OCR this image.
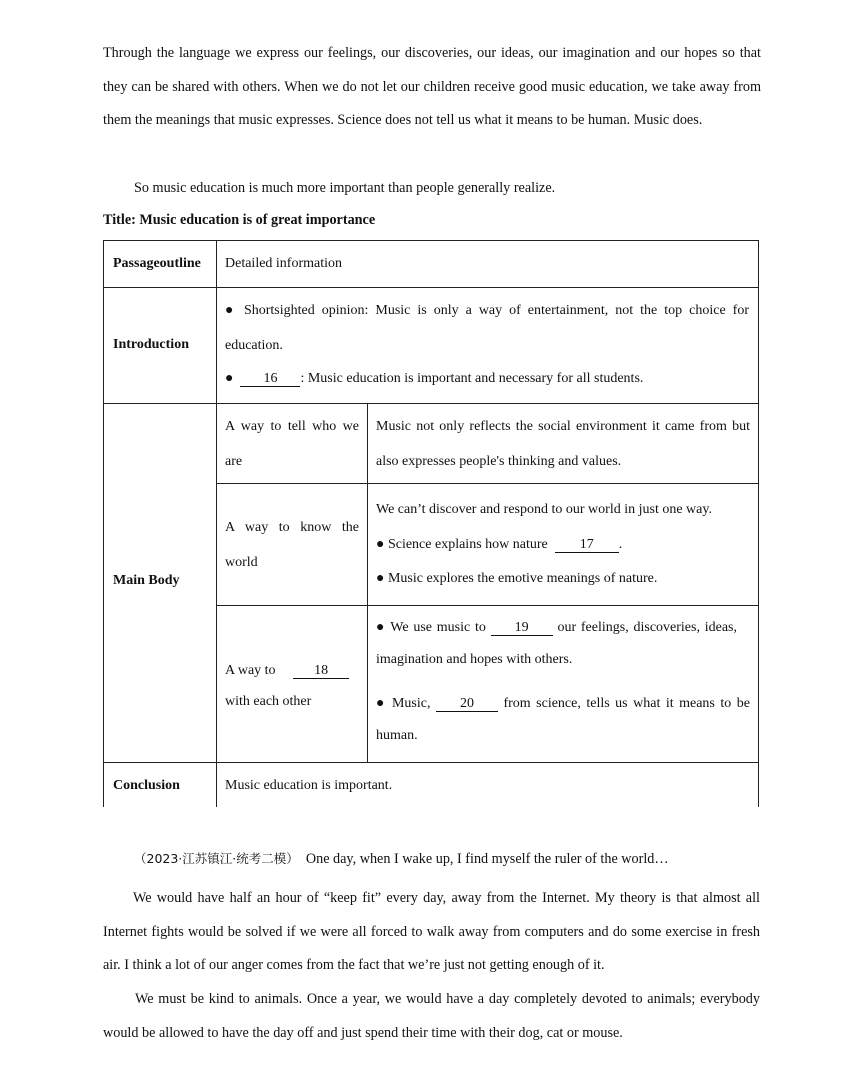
Through the language we express our feelings, our discoveries, our ideas, our imagination and our hopes so that they can be shared with others. When we do not let our children receive good music education, we take away from them the meanings that music expresses. Science does not tell us what it means to be human. Music does.

So music education is much more important than people generally realize.

Title: Music education is of great importance
Passageoutline Detailed information
Introduction
● Shortsighted opinion: Music is only a way of entertainment, not the top choice for education.
● 16 : Music education is important and necessary for all students.
Main Body
A way to tell who we are
Music not only reflects the social environment it came from but also expresses people's thinking and values.
A way to know the world
We can’t discover and respond to our world in just one way.
● Science explains how nature 17 .
● Music explores the emotive meanings of nature.
A way to	18
with each other
● We use music to 19 our feelings, discoveries, ideas, imagination and hopes with others.
● Music, 20 from science, tells us what it means to be human.
Conclusion	Music education is important.

（2023·江苏镇江·统考二模） One day, when I wake up, I find myself the ruler of the world…

We would have half an hour of “keep fit” every day, away from the Internet. My theory is that almost all Internet fights would be solved if we were all forced to walk away from computers and do some exercise in fresh air. I think a lot of our anger comes from the fact that we’re just not getting enough of it.

We must be kind to animals. Once a year, we would have a day completely devoted to animals; everybody would be allowed to have the day off and just spend their time with their dog, cat or mouse.
